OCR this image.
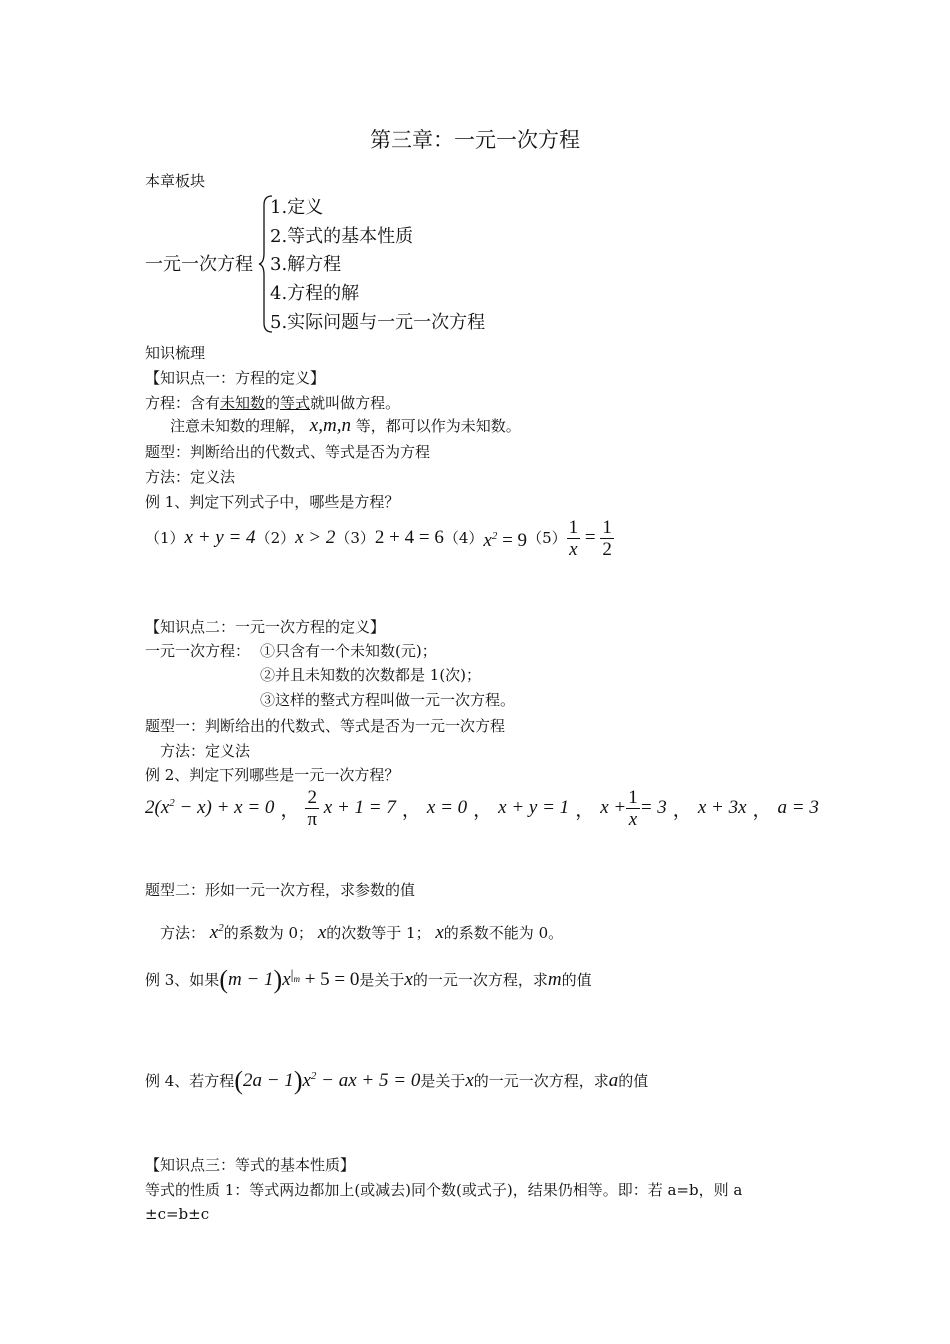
第三章：一元一次方程
本章板块
一元一次方程
1.定义
2.等式的基本性质
3.解方程
4.方程的解
5.实际问题与一元一次方程
知识梳理
【知识点一：方程的定义】
方程：含有未知数的等式就叫做方程。
注意未知数的理解， x,m,n 等，都可以作为未知数。
题型：判断给出的代数式、等式是否为方程
方法：定义法
例 1、判定下列式子中，哪些是方程？
（1） x + y = 4 （2） x > 2 （3） 2 + 4 = 6 （4） $x^2 = 9$ $(5) \frac{1}{x} = \frac{1}{2}$
【知识点二：一元一次方程的定义】
一元一次方程： ①只含有一个未知数(元)；
②并且未知数的次数都是 1(次)；
③这样的整式方程叫做一元一次方程。
题型一：判断给出的代数式、等式是否为一元一次方程
方法：定义法
例 2、判定下列哪些是一元一次方程？
$2(x^2 - x) + x = 0$ ， $\frac{2}{\pi}$ x + 1 = 7 ， x = 0 ， x + y = 1 ， $x + \frac{1}{x} = 3$ ， x + 3x ， a = 3
题型二：形如一元一次方程，求参数的值
方法： $x^2$的系数为 0； x的次数等于 1； x的系数不能为 0。
例 3、如果(m − 1)x|m + 5 = 0是关于x的一元一次方程，求m的值
例 4、若方程$(2a - 1)x^2$ − ax + 5 = 0是关于x的一元一次方程，求a的值
【知识点三：等式的基本性质】
等式的性质 1：等式两边都加上(或减去)同个数(或式子)，结果仍相等。即：若 a=b，则 a
±c=b±c
